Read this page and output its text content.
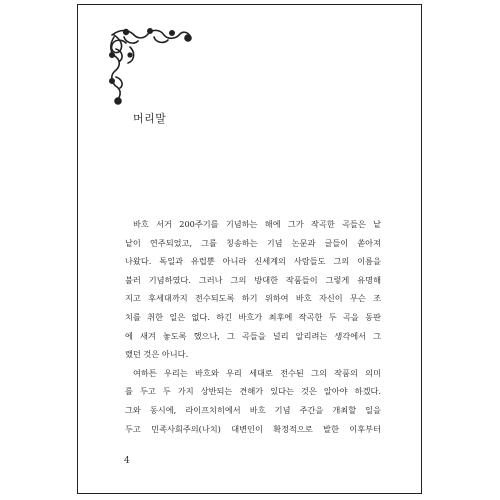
머리말

바흐 서거 200주기를 기념하는 해에 그가 작곡한 곡들은 낱
낱이 연주되었고, 그를 칭송하는 기념 논문과 글들이 쏟아져
나왔다. 독일과 유럽뿐 아니라 신세계의 사람들도 그의 이름을
불러 기념하였다. 그러나 그의 방대한 작품들이 그렇게 유명해
지고 후세대까지 전수되도록 하기 위하여 바흐 자신이 무슨 조
치를 취한 일은 없다. 하긴 바흐가 최후에 작곡한 두 곡을 동판
에 새겨 놓도록 했으나, 그 곡들을 널리 알리려는 생각에서 그
랬던 것은 아니다.

여하튼 우리는 바흐와 우리 세대로 전수된 그의 작품의 의미
를 두고 두 가지 상반되는 견해가 있다는 것은 알아야 하겠다.
그와 동시에, 라이프치히에서 바흐 기념 주간을 개최할 일을
두고 민족사회주의(나치) 대변인이 확정적으로 발한 이후부터

4
